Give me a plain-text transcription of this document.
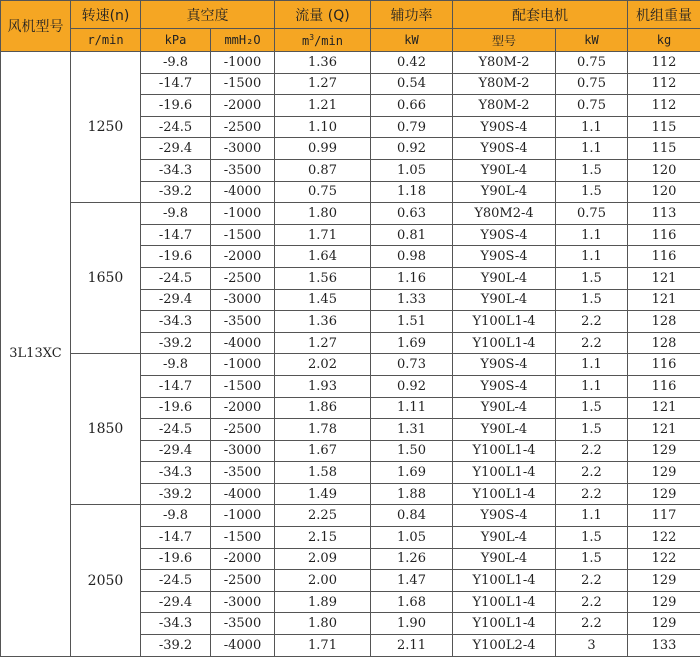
风机型号	转速(n)	真空度		流量 (Q)	辅功率	配套电机		机组重量
	r/min	kPa	mmH₂O	$m^3/\min$	kW	型号	kW	kg
3L13XC	1250	-9.8	-1000	1.36	0.42	Y80M-2	0.75	112
		-14.7	-1500	1.27	0.54	Y80M-2	0.75	112
		-19.6	-2000	1.21	0.66	Y80M-2	0.75	112
		-24.5	-2500	1.10	0.79	Y90S-4	1.1	115
		-29.4	-3000	0.99	0.92	Y90S-4	1.1	115
		-34.3	-3500	0.87	1.05	Y90L-4	1.5	120
		-39.2	-4000	0.75	1.18	Y90L-4	1.5	120
	1650	-9.8	-1000	1.80	0.63	Y80M2-4	0.75	113
		-14.7	-1500	1.71	0.81	Y90S-4	1.1	116
		-19.6	-2000	1.64	0.98	Y90S-4	1.1	116
		-24.5	-2500	1.56	1.16	Y90L-4	1.5	121
		-29.4	-3000	1.45	1.33	Y90L-4	1.5	121
		-34.3	-3500	1.36	1.51	Y100L1-4	2.2	128
		-39.2	-4000	1.27	1.69	Y100L1-4	2.2	128
	1850	-9.8	-1000	2.02	0.73	Y90S-4	1.1	116
		-14.7	-1500	1.93	0.92	Y90S-4	1.1	116
		-19.6	-2000	1.86	1.11	Y90L-4	1.5	121
		-24.5	-2500	1.78	1.31	Y90L-4	1.5	121
		-29.4	-3000	1.67	1.50	Y100L1-4	2.2	129
		-34.3	-3500	1.58	1.69	Y100L1-4	2.2	129
		-39.2	-4000	1.49	1.88	Y100L1-4	2.2	129
	2050	-9.8	-1000	2.25	0.84	Y90S-4	1.1	117
		-14.7	-1500	2.15	1.05	Y90L-4	1.5	122
		-19.6	-2000	2.09	1.26	Y90L-4	1.5	122
		-24.5	-2500	2.00	1.47	Y100L1-4	2.2	129
		-29.4	-3000	1.89	1.68	Y100L1-4	2.2	129
		-34.3	-3500	1.80	1.90	Y100L1-4	2.2	129
		-39.2	-4000	1.71	2.11	Y100L2-4	3	133
